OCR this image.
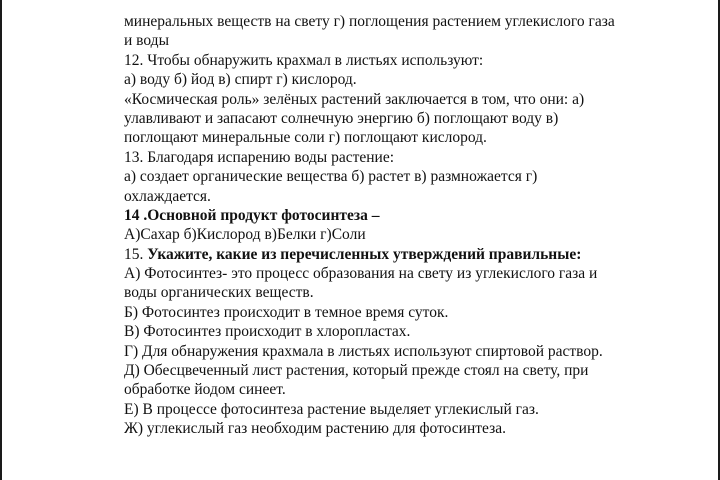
минеральных веществ на свету г) поглощения растением углекислого газа
и воды
12. Чтобы обнаружить крахмал в листьях используют:
а) воду б) йод в) спирт г) кислород.
«Космическая роль» зелёных растений заключается в том, что они: а)
улавливают и запасают солнечную энергию б) поглощают воду в)
поглощают минеральные соли г) поглощают кислород.
13. Благодаря испарению воды растение:
а) создает органические вещества б) растет в) размножается г)
охлаждается.
14 .Основной продукт фотосинтеза –
А)Сахар б)Кислород в)Белки г)Соли
15. Укажите, какие из перечисленных утверждений правильные:
А) Фотосинтез- это процесс образования на свету из углекислого газа и
воды органических веществ.
Б) Фотосинтез происходит в темное время суток.
В) Фотосинтез происходит в хлоропластах.
Г) Для обнаружения крахмала в листьях используют спиртовой раствор.
Д) Обесцвеченный лист растения, который прежде стоял на свету, при
обработке йодом синеет.
Е) В процессе фотосинтеза растение выделяет углекислый газ.
Ж) углекислый газ необходим растению для фотосинтеза.
